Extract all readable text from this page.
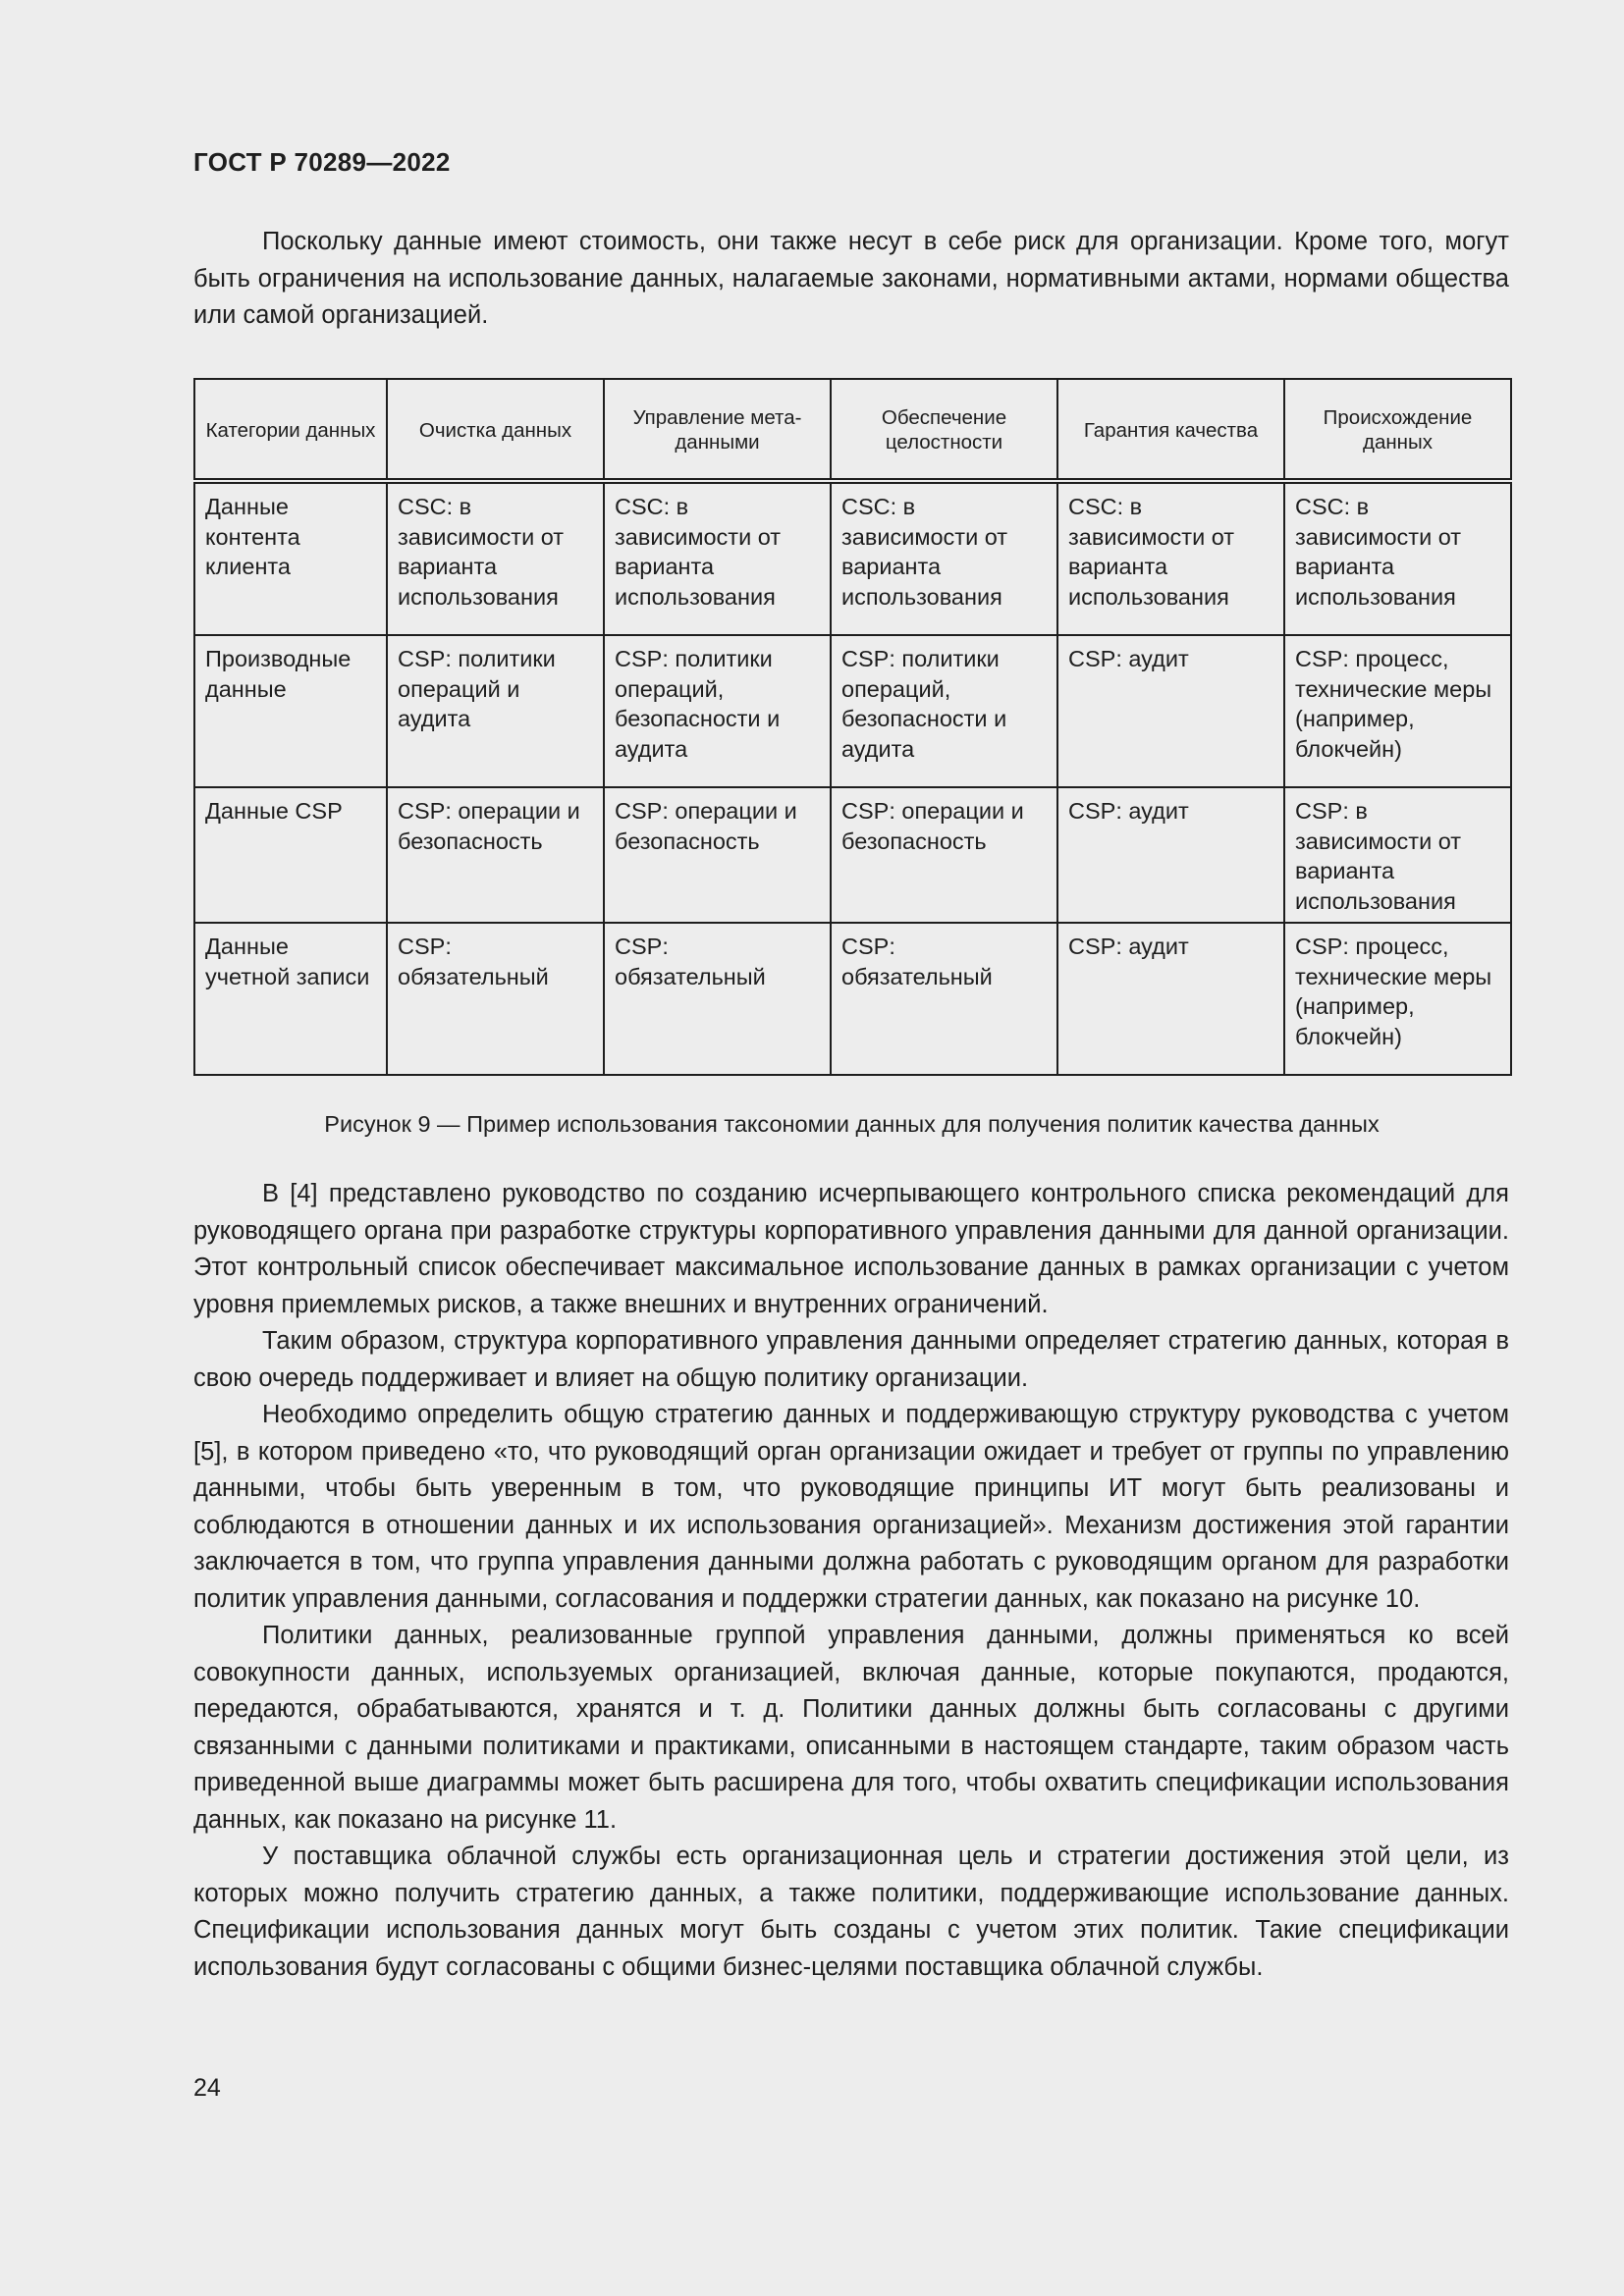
ГОСТ Р 70289—2022

Поскольку данные имеют стоимость, они также несут в себе риск для организации. Кроме того, могут быть ограничения на использование данных, налагаемые законами, нормативными актами, нормами общества или самой организацией.

Категории данных	Очистка данных	Управление мета-данными	Обеспечение целостности	Гарантия качества	Происхождение данных
Данные контента клиента	CSC: в зависимости от варианта использования	CSC: в зависимости от варианта использования	CSC: в зависимости от варианта использования	CSC: в зависимости от варианта использования	CSC: в зависимости от варианта использования
Производные данные	CSP: политики операций и аудита	CSP: политики операций, безопасности и аудита	CSP: политики операций, безопасности и аудита	CSP: аудит	CSP: процесс, технические меры (например, блокчейн)
Данные CSP	CSP: операции и безопасность	CSP: операции и безопасность	CSP: операции и безопасность	CSP: аудит	CSP: в зависимости от варианта использования
Данные учетной записи	CSP: обязательный	CSP: обязательный	CSP: обязательный	CSP: аудит	CSP: процесс, технические меры (например, блокчейн)
Рисунок 9 — Пример использования таксономии данных для получения политик качества данных

В [4] представлено руководство по созданию исчерпывающего контрольного списка рекомендаций для руководящего органа при разработке структуры корпоративного управления данными для данной организации. Этот контрольный список обеспечивает максимальное использование данных в рамках организации с учетом уровня приемлемых рисков, а также внешних и внутренних ограничений.

Таким образом, структура корпоративного управления данными определяет стратегию данных, которая в свою очередь поддерживает и влияет на общую политику организации.

Необходимо определить общую стратегию данных и поддерживающую структуру руководства с учетом [5], в котором приведено «то, что руководящий орган организации ожидает и требует от группы по управлению данными, чтобы быть уверенным в том, что руководящие принципы ИТ могут быть реализованы и соблюдаются в отношении данных и их использования организацией». Механизм достижения этой гарантии заключается в том, что группа управления данными должна работать с руководящим органом для разработки политик управления данными, согласования и поддержки стратегии данных, как показано на рисунке 10.

Политики данных, реализованные группой управления данными, должны применяться ко всей совокупности данных, используемых организацией, включая данные, которые покупаются, продаются, передаются, обрабатываются, хранятся и т. д. Политики данных должны быть согласованы с другими связанными с данными политиками и практиками, описанными в настоящем стандарте, таким образом часть приведенной выше диаграммы может быть расширена для того, чтобы охватить спецификации использования данных, как показано на рисунке 11.

У поставщика облачной службы есть организационная цель и стратегии достижения этой цели, из которых можно получить стратегию данных, а также политики, поддерживающие использование данных. Спецификации использования данных могут быть созданы с учетом этих политик. Такие спецификации использования будут согласованы с общими бизнес-целями поставщика облачной службы.

24
